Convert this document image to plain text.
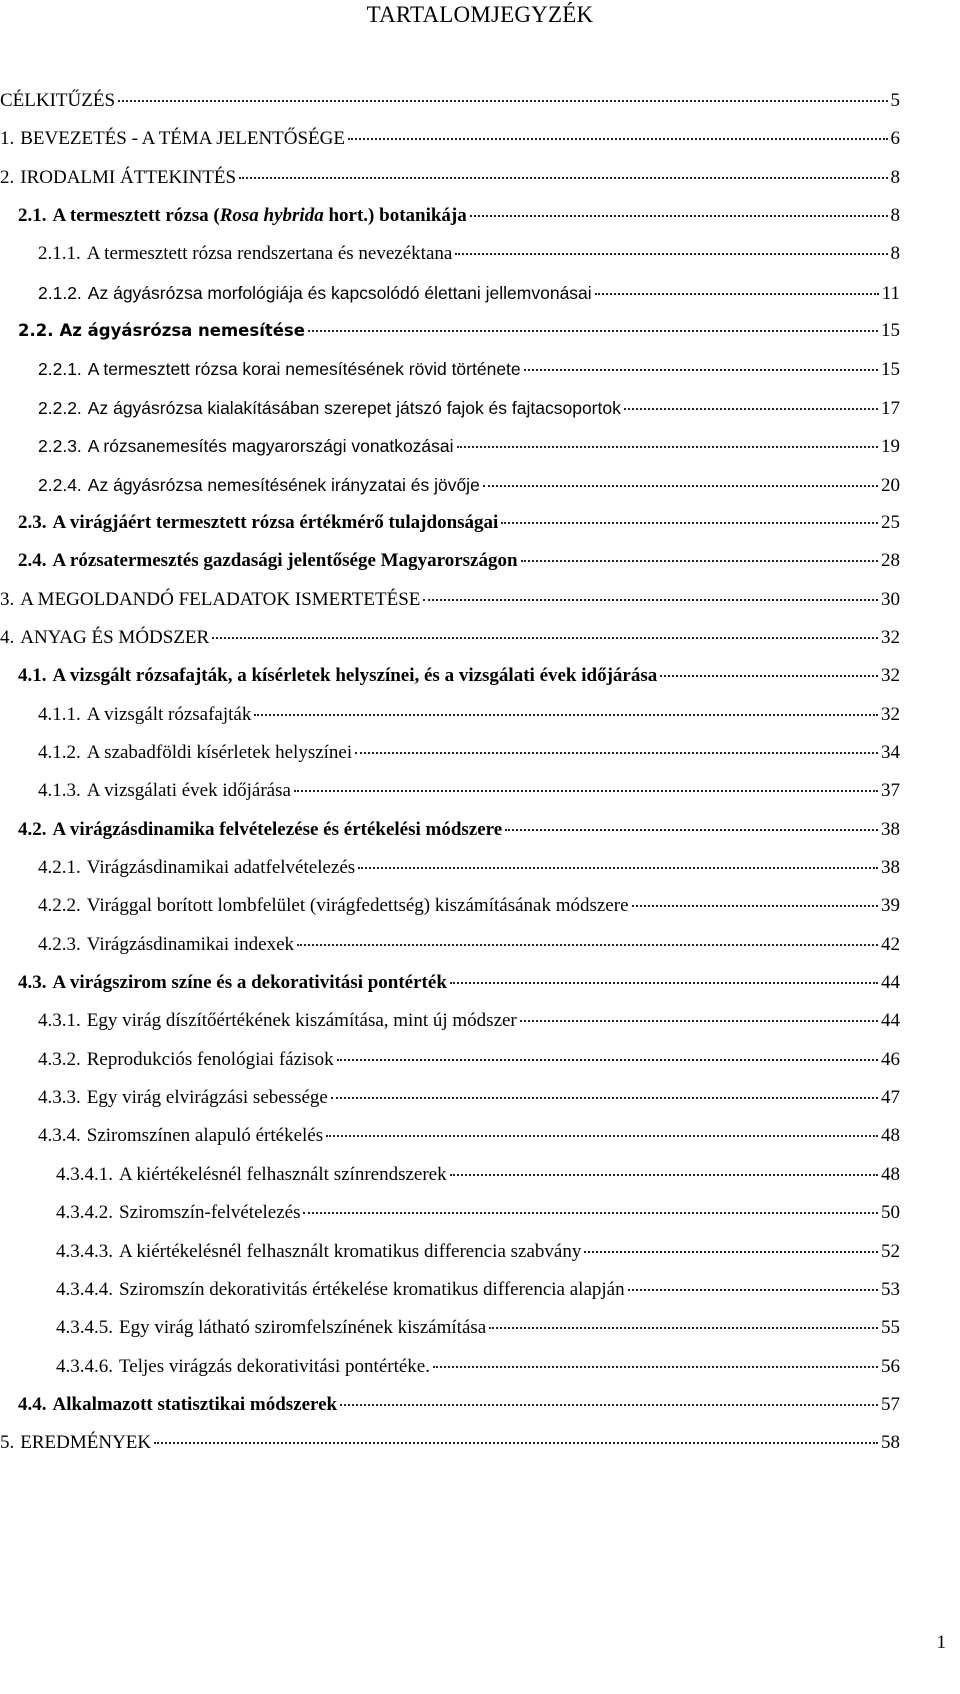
TARTALOMJEGYZÉK
CÉLKITŰZÉS	5
1. BEVEZETÉS - A TÉMA JELENTŐSÉGE	6
2. IRODALMI ÁTTEKINTÉS	8
2.1. A termesztett rózsa (Rosa hybrida hort.) botanikája	8
2.1.1. A termesztett rózsa rendszertana és nevezéktana	8
2.1.2. Az ágyásrózsa morfológiája és kapcsolódó élettani jellemvonásai	11
2.2. Az ágyásrózsa nemesítése	15
2.2.1. A termesztett rózsa korai nemesítésének rövid története	15
2.2.2. Az ágyásrózsa kialakításában szerepet játszó fajok és fajtacsoportok	17
2.2.3. A rózsanemesítés magyarországi vonatkozásai	19
2.2.4. Az ágyásrózsa nemesítésének irányzatai és jövője	20
2.3. A virágjáért termesztett rózsa értékmérő tulajdonságai	25
2.4. A rózsatermesztés gazdasági jelentősége Magyarországon	28
3. A MEGOLDANDÓ FELADATOK ISMERTETÉSE	30
4. ANYAG ÉS MÓDSZER	32
4.1. A vizsgált rózsafajták, a kísérletek helyszínei, és a vizsgálati évek időjárása	32
4.1.1. A vizsgált rózsafajták	32
4.1.2. A szabadföldi kísérletek helyszínei	34
4.1.3. A vizsgálati évek időjárása	37
4.2. A virágzásdinamika felvételezése és értékelési módszere	38
4.2.1. Virágzásdinamikai adatfelvételezés	38
4.2.2. Virággal borított lombfelület (virágfedettség) kiszámításának módszere	39
4.2.3. Virágzásdinamikai indexek	42
4.3. A virágszirom színe és a dekorativitási pontérték	44
4.3.1. Egy virág díszítőértékének kiszámítása, mint új módszer	44
4.3.2. Reprodukciós fenológiai fázisok	46
4.3.3. Egy virág elvirágzási sebessége	47
4.3.4. Sziromszínen alapuló értékelés	48
4.3.4.1. A kiértékelésnél felhasznált színrendszerek	48
4.3.4.2. Sziromszín-felvételezés	50
4.3.4.3. A kiértékelésnél felhasznált kromatikus differencia szabvány	52
4.3.4.4. Sziromszín dekorativitás értékelése kromatikus differencia alapján	53
4.3.4.5. Egy virág látható sziromfelszínének kiszámítása	55
4.3.4.6. Teljes virágzás dekorativitási pontértéke.	56
4.4. Alkalmazott statisztikai módszerek	57
5. EREDMÉNYEK	58
1
